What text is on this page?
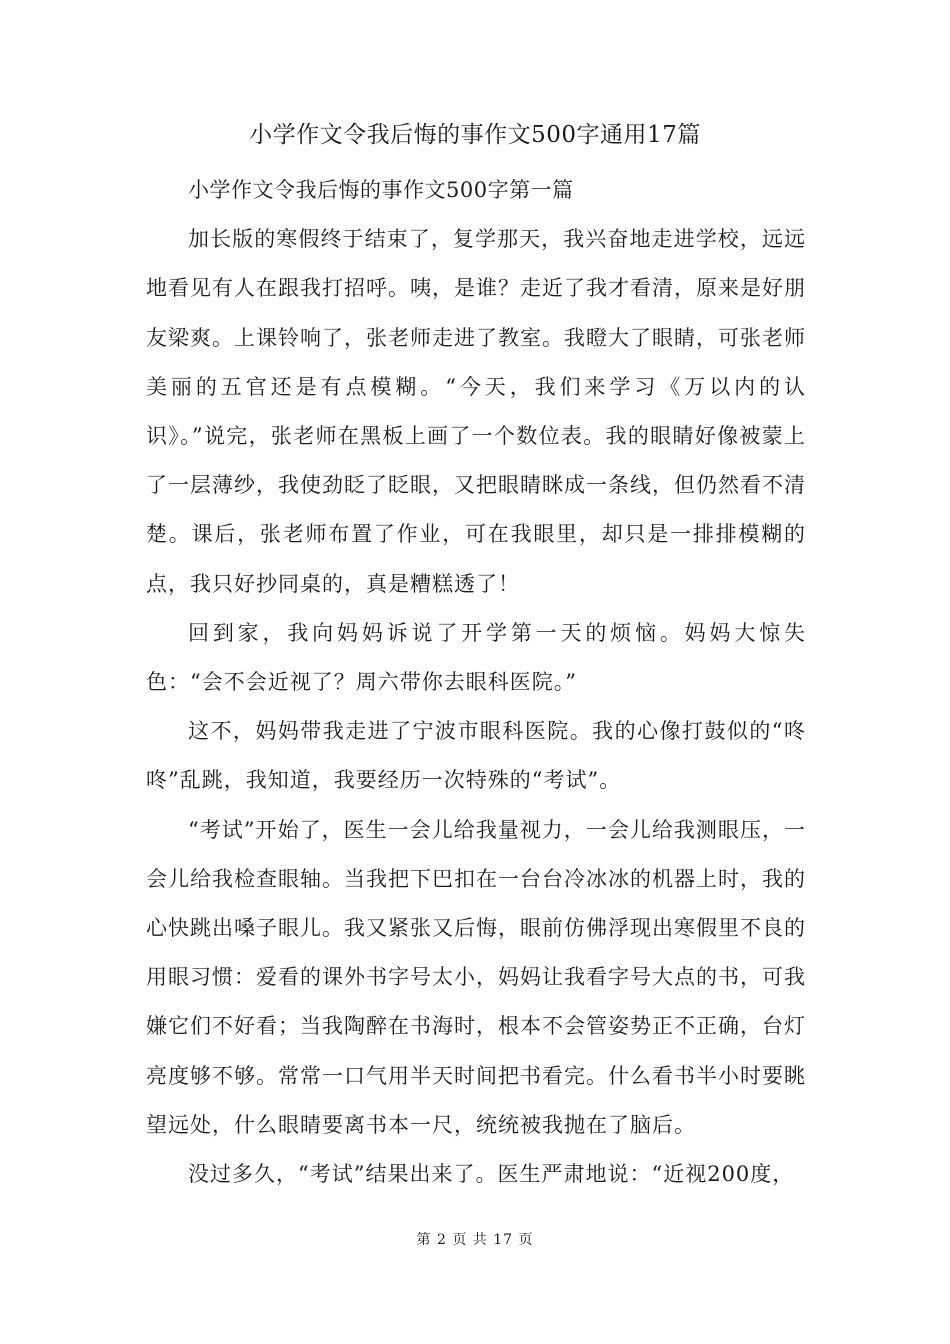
小学作文令我后悔的事作文500字通用17篇

小学作文令我后悔的事作文500字第一篇

加长版的寒假终于结束了，复学那天，我兴奋地走进学校，远远地看见有人在跟我打招呼。咦，是谁？走近了我才看清，原来是好朋友梁爽。上课铃响了，张老师走进了教室。我瞪大了眼睛，可张老师美丽的五官还是有点模糊。“今天，我们来学习《万以内的认识》。”说完，张老师在黑板上画了一个数位表。我的眼睛好像被蒙上了一层薄纱，我使劲眨了眨眼，又把眼睛眯成一条线，但仍然看不清楚。课后，张老师布置了作业，可在我眼里，却只是一排排模糊的点，我只好抄同桌的，真是糟糕透了！

回到家，我向妈妈诉说了开学第一天的烦恼。妈妈大惊失色：“会不会近视了？周六带你去眼科医院。”

这不，妈妈带我走进了宁波市眼科医院。我的心像打鼓似的“咚咚”乱跳，我知道，我要经历一次特殊的“考试”。

“考试”开始了，医生一会儿给我量视力，一会儿给我测眼压，一会儿给我检查眼轴。当我把下巴扣在一台台冷冰冰的机器上时，我的心快跳出嗓子眼儿。我又紧张又后悔，眼前仿佛浮现出寒假里不良的用眼习惯：爱看的课外书字号太小，妈妈让我看字号大点的书，可我嫌它们不好看；当我陶醉在书海时，根本不会管姿势正不正确，台灯亮度够不够。常常一口气用半天时间把书看完。什么看书半小时要眺望远处，什么眼睛要离书本一尺，统统被我抛在了脑后。

没过多久，“考试”结果出来了。医生严肃地说：“近视200度，

第 2 页 共 17 页
